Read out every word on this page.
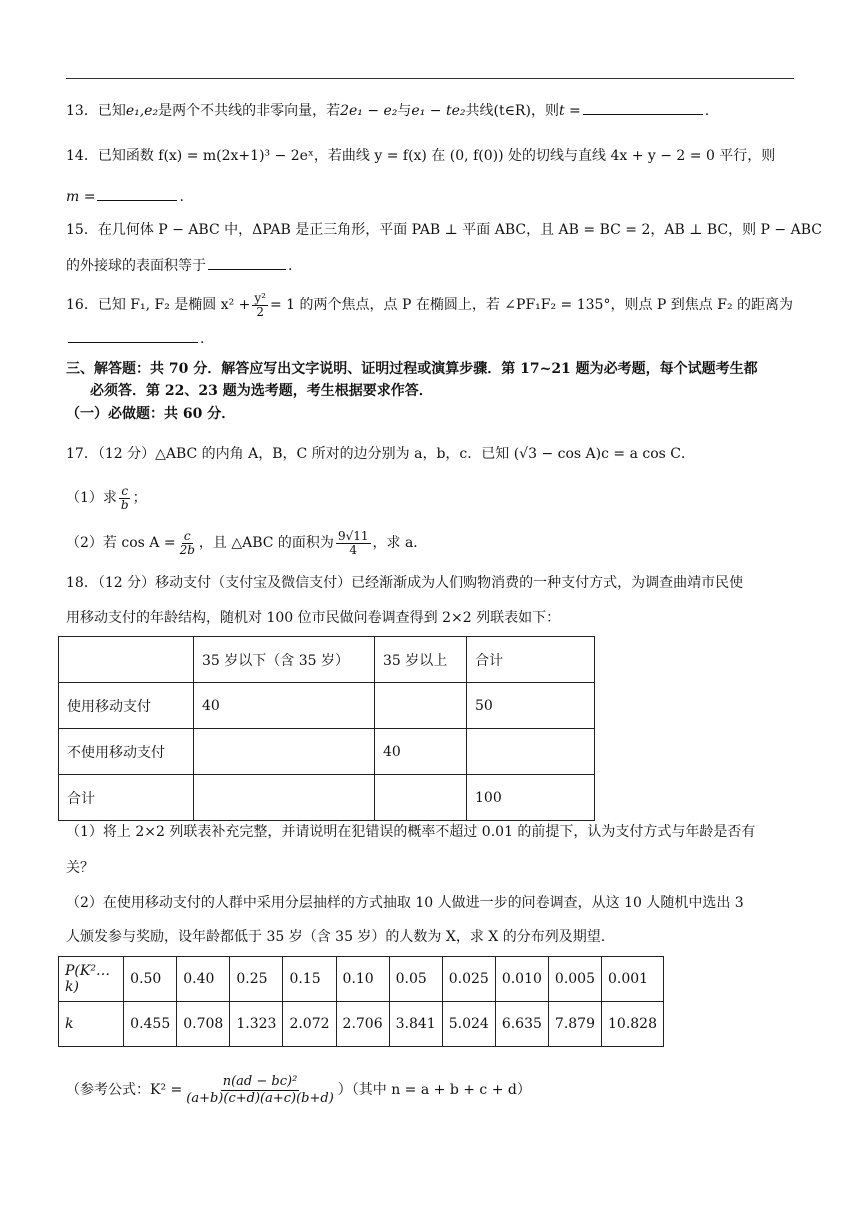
13．已知e₁,e₂是两个不共线的非零向量，若2e₁ − e₂与e₁ − te₂共线(t∈R)，则t =	.
14．已知函数 f(x) = m(2x+1)³ − 2eˣ，若曲线 y = f(x) 在 (0, f(0)) 处的切线与直线 4x + y − 2 = 0 平行，则
m =	.
15．在几何体 P − ABC 中，ΔPAB 是正三角形，平面 PAB ⊥ 平面 ABC，且 AB = BC = 2，AB ⊥ BC，则 P − ABC
的外接球的表面积等于	.
16．已知 F₁, F₂ 是椭圆 $x^2 + \frac{\text{y²}}{2} = 1$ 的两个焦点，点 P 在椭圆上，若 ∠PF₁F₂ = 135°，则点 P 到焦点 F₂ 的距离为
.
三、解答题：共 70 分．解答应写出文字说明、证明过程或演算步骤．第 17~21 题为必考题，每个试题考生都
必须答．第 22、23 题为选考题，考生根据要求作答．
（一）必做题：共 60 分．
17．（12 分）△ABC 的内角 A，B，C 所对的边分别为 a，b，c．已知 (√3 − cos A)c = a cos C．
（1）求 $\frac{c}{b}$ ；
（2）若 $\cos A = \frac{c}{2b}$ ，且 △ABC 的面积为 $\frac{9√11}{4}$ ，求 a．
18．（12 分）移动支付（支付宝及微信支付）已经渐渐成为人们购物消费的一种支付方式，为调查曲靖市民使
用移动支付的年龄结构，随机对 100 位市民做问卷调查得到 2×2 列联表如下：
	35 岁以下（含 35 岁）	35 岁以上	合计
使用移动支付	40		50
不使用移动支付		40	
合计			100
（1）将上 2×2 列联表补充完整，并请说明在犯错误的概率不超过 0.01 的前提下，认为支付方式与年龄是否有
关？
（2）在使用移动支付的人群中采用分层抽样的方式抽取 10 人做进一步的问卷调查，从这 10 人随机中选出 3
人颁发参与奖励，设年龄都低于 35 岁（含 35 岁）的人数为 X，求 X 的分布列及期望.
P(K²…k)	0.50	0.40	0.25	0.15	0.10	0.05	0.025	0.010	0.005	0.001
k	0.455	0.708	1.323	2.072	2.706	3.841	5.024	6.635	7.879	10.828
（参考公式：$K^2 = \frac{\text{n(ad − bc)²}}{(a+b)(c+d)(a+c)(b+d)}$ ）（其中 n = a + b + c + d）
